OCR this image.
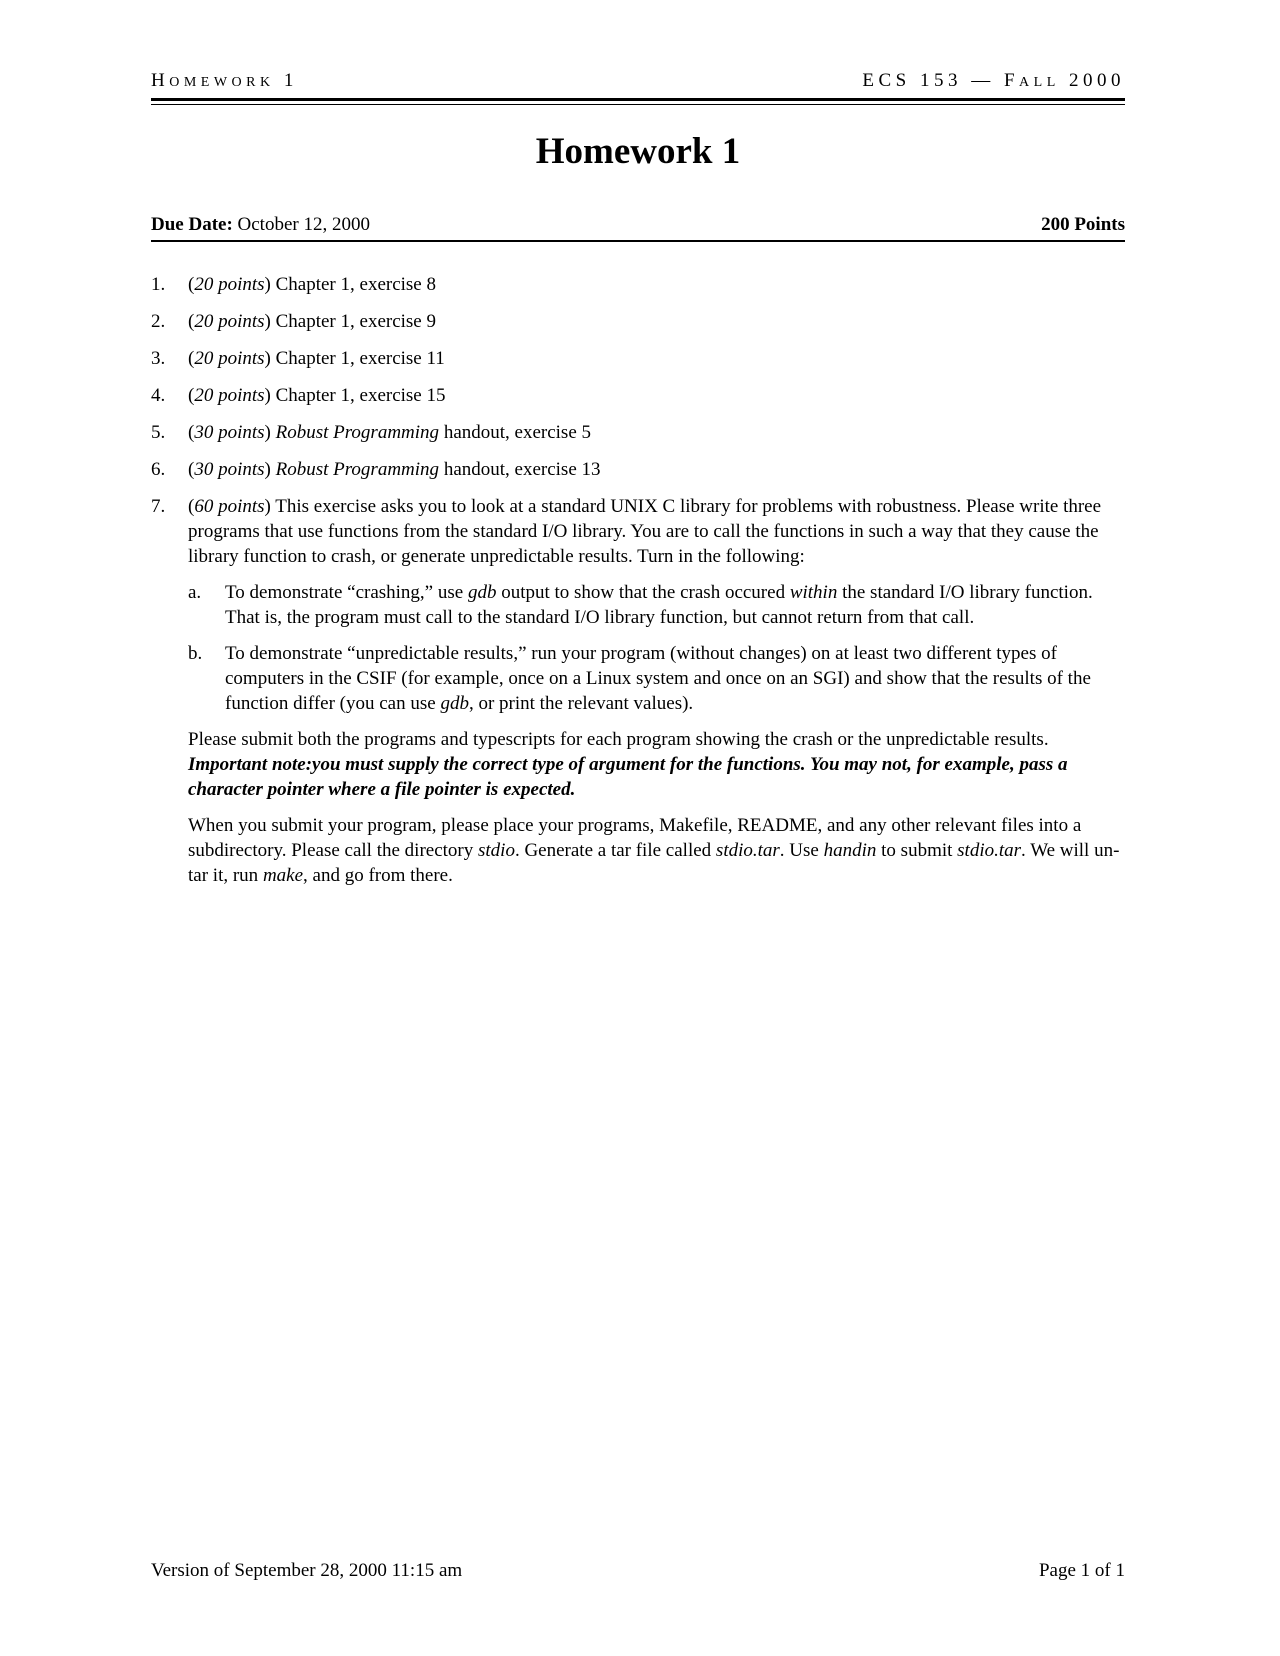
HOMEWORK 1	ECS 153 — FALL 2000
Homework 1
Due Date: October 12, 2000	200 Points
1. (20 points) Chapter 1, exercise 8
2. (20 points) Chapter 1, exercise 9
3. (20 points) Chapter 1, exercise 11
4. (20 points) Chapter 1, exercise 15
5. (30 points) Robust Programming handout, exercise 5
6. (30 points) Robust Programming handout, exercise 13
7. (60 points) This exercise asks you to look at a standard UNIX C library for problems with robustness. Please write three programs that use functions from the standard I/O library. You are to call the functions in such a way that they cause the library function to crash, or generate unpredictable results. Turn in the following:
a. To demonstrate “crashing,” use gdb output to show that the crash occured within the standard I/O library function. That is, the program must call to the standard I/O library function, but cannot return from that call.
b. To demonstrate “unpredictable results,” run your program (without changes) on at least two different types of computers in the CSIF (for example, once on a Linux system and once on an SGI) and show that the results of the function differ (you can use gdb, or print the relevant values).
Please submit both the programs and typescripts for each program showing the crash or the unpredictable results. Important note:you must supply the correct type of argument for the functions. You may not, for example, pass a character pointer where a file pointer is expected.
When you submit your program, please place your programs, Makefile, README, and any other relevant files into a subdirectory. Please call the directory stdio. Generate a tar file called stdio.tar. Use handin to submit stdio.tar. We will un-tar it, run make, and go from there.
Version of September 28, 2000 11:15 am	Page 1 of 1
